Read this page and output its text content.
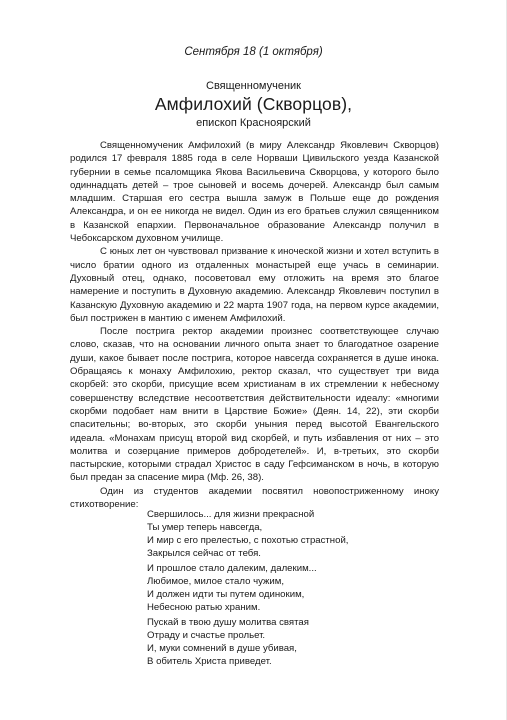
Сентября 18 (1 октября)
Священномученик
Амфилохий (Скворцов),
епископ Красноярский

Священномученик Амфилохий (в миру Александр Яковлевич Скворцов) родился 17 февраля 1885 года в селе Норваши Цивильского уезда Казанской губернии в семье псаломщика Якова Васильевича Скворцова, у которого было одиннадцать детей – трое сыновей и восемь дочерей. Александр был самым младшим. Старшая его сестра вышла замуж в Польше еще до рождения Александра, и он ее никогда не видел. Один из его братьев служил священником в Казанской епархии. Первоначальное образование Александр получил в Чебоксарском духовном училище.

С юных лет он чувствовал призвание к иноческой жизни и хотел вступить в число братии одного из отдаленных монастырей еще учась в семинарии. Духовный отец, однако, посоветовал ему отложить на время это благое намерение и поступить в Духовную академию. Александр Яковлевич поступил в Казанскую Духовную академию и 22 марта 1907 года, на первом курсе академии, был пострижен в мантию с именем Амфилохий.

После пострига ректор академии произнес соответствующее случаю слово, сказав, что на основании личного опыта знает то благодатное озарение души, какое бывает после пострига, которое навсегда сохраняется в душе инока. Обращаясь к монаху Амфилохию, ректор сказал, что существует три вида скорбей: это скорби, присущие всем христианам в их стремлении к небесному совершенству вследствие несоответствия действительности идеалу: «многими скорбми подобает нам внити в Царствие Божие» (Деян. 14, 22), эти скорби спасительны; во-вторых, это скорби уныния перед высотой Евангельского идеала. «Монахам присущ второй вид скорбей, и путь избавления от них – это молитва и созерцание примеров добродетелей». И, в-третьих, это скорби пастырские, которыми страдал Христос в саду Гефсиманском в ночь, в которую был предан за спасение мира (Мф. 26, 38).

Один из студентов академии посвятил новопостриженному иноку стихотворение:

Свершилось... для жизни прекрасной
Ты умер теперь навсегда,
И мир с его прелестью, с похотью страстной,
Закрылся сейчас от тебя.
И прошлое стало далеким, далеким...
Любимое, милое стало чужим,
И должен идти ты путем одиноким,
Небесною ратью храним.
Пускай в твою душу молитва святая
Отраду и счастье прольет.
И, муки сомнений в душе убивая,
В обитель Христа приведет.
